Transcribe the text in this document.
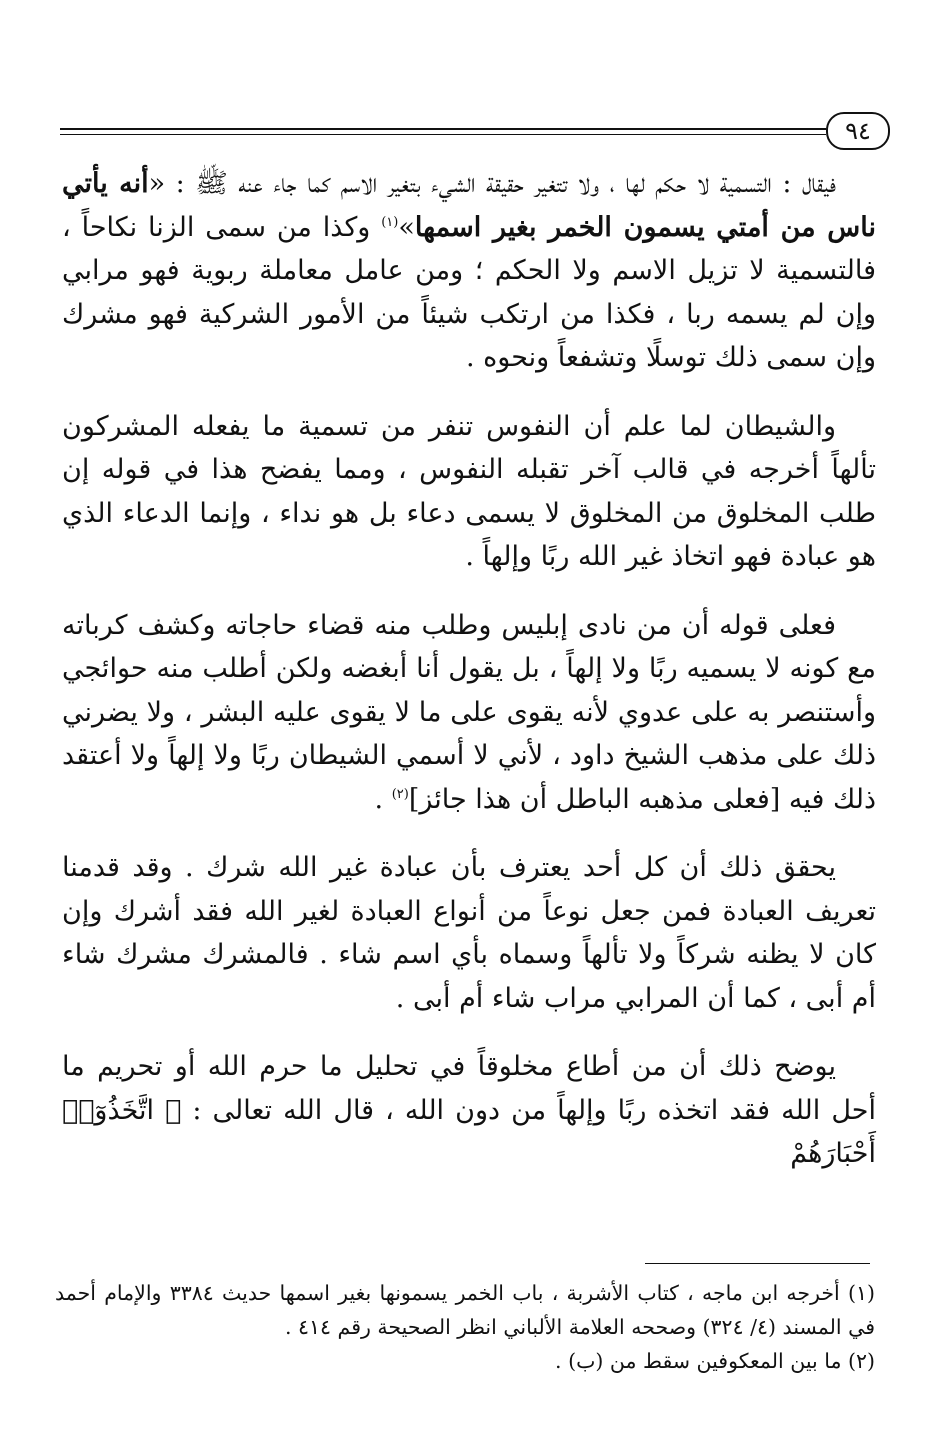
٩٤

فيقال : التسمية لا حكم لها ، ولا تتغير حقيقة الشيء بتغير الاسم كما جاء عنه ﷺ : «أنه يأتي ناس من أمتي يسمون الخمر بغير اسمها»$^{(١)}$ وكذا من سمى الزنا نكاحاً ، فالتسمية لا تزيل الاسم ولا الحكم ؛ ومن عامل معاملة ربوية فهو مرابي وإن لم يسمه ربا ، فكذا من ارتكب شيئاً من الأمور الشركية فهو مشرك وإن سمى ذلك توسلًا وتشفعاً ونحوه .

والشيطان لما علم أن النفوس تنفر من تسمية ما يفعله المشركون تألهاً أخرجه في قالب آخر تقبله النفوس ، ومما يفضح هذا في قوله إن طلب المخلوق من المخلوق لا يسمى دعاء بل هو نداء ، وإنما الدعاء الذي هو عبادة فهو اتخاذ غير الله ربًا وإلهاً .

فعلى قوله أن من نادى إبليس وطلب منه قضاء حاجاته وكشف كرباته مع كونه لا يسميه ربًا ولا إلهاً ، بل يقول أنا أبغضه ولكن أطلب منه حوائجي وأستنصر به على عدوي لأنه يقوى على ما لا يقوى عليه البشر ، ولا يضرني ذلك على مذهب الشيخ داود ، لأني لا أسمي الشيطان ربًا ولا إلهاً ولا أعتقد ذلك فيه [فعلى مذهبه الباطل أن هذا جائز]$^{(٢)}$ .

يحقق ذلك أن كل أحد يعترف بأن عبادة غير الله شرك . وقد قدمنا تعريف العبادة فمن جعل نوعاً من أنواع العبادة لغير الله فقد أشرك وإن كان لا يظنه شركاً ولا تألهاً وسماه بأي اسم شاء . فالمشرك مشرك شاء أم أبى ، كما أن المرابي مراب شاء أم أبى .

يوضح ذلك أن من أطاع مخلوقاً في تحليل ما حرم الله أو تحريم ما أحل الله فقد اتخذه ربًا وإلهاً من دون الله ، قال الله تعالى : ﴿ اتَّخَذُوٓا۟ أَحْبَارَهُمْ

(١) أخرجه ابن ماجه ، كتاب الأشربة ، باب الخمر يسمونها بغير اسمها حديث ٣٣٨٤ والإمام أحمد في المسند (٤/ ٣٢٤) وصححه العلامة الألباني انظر الصحيحة رقم ٤١٤ .

(٢) ما بين المعكوفين سقط من (ب) .
